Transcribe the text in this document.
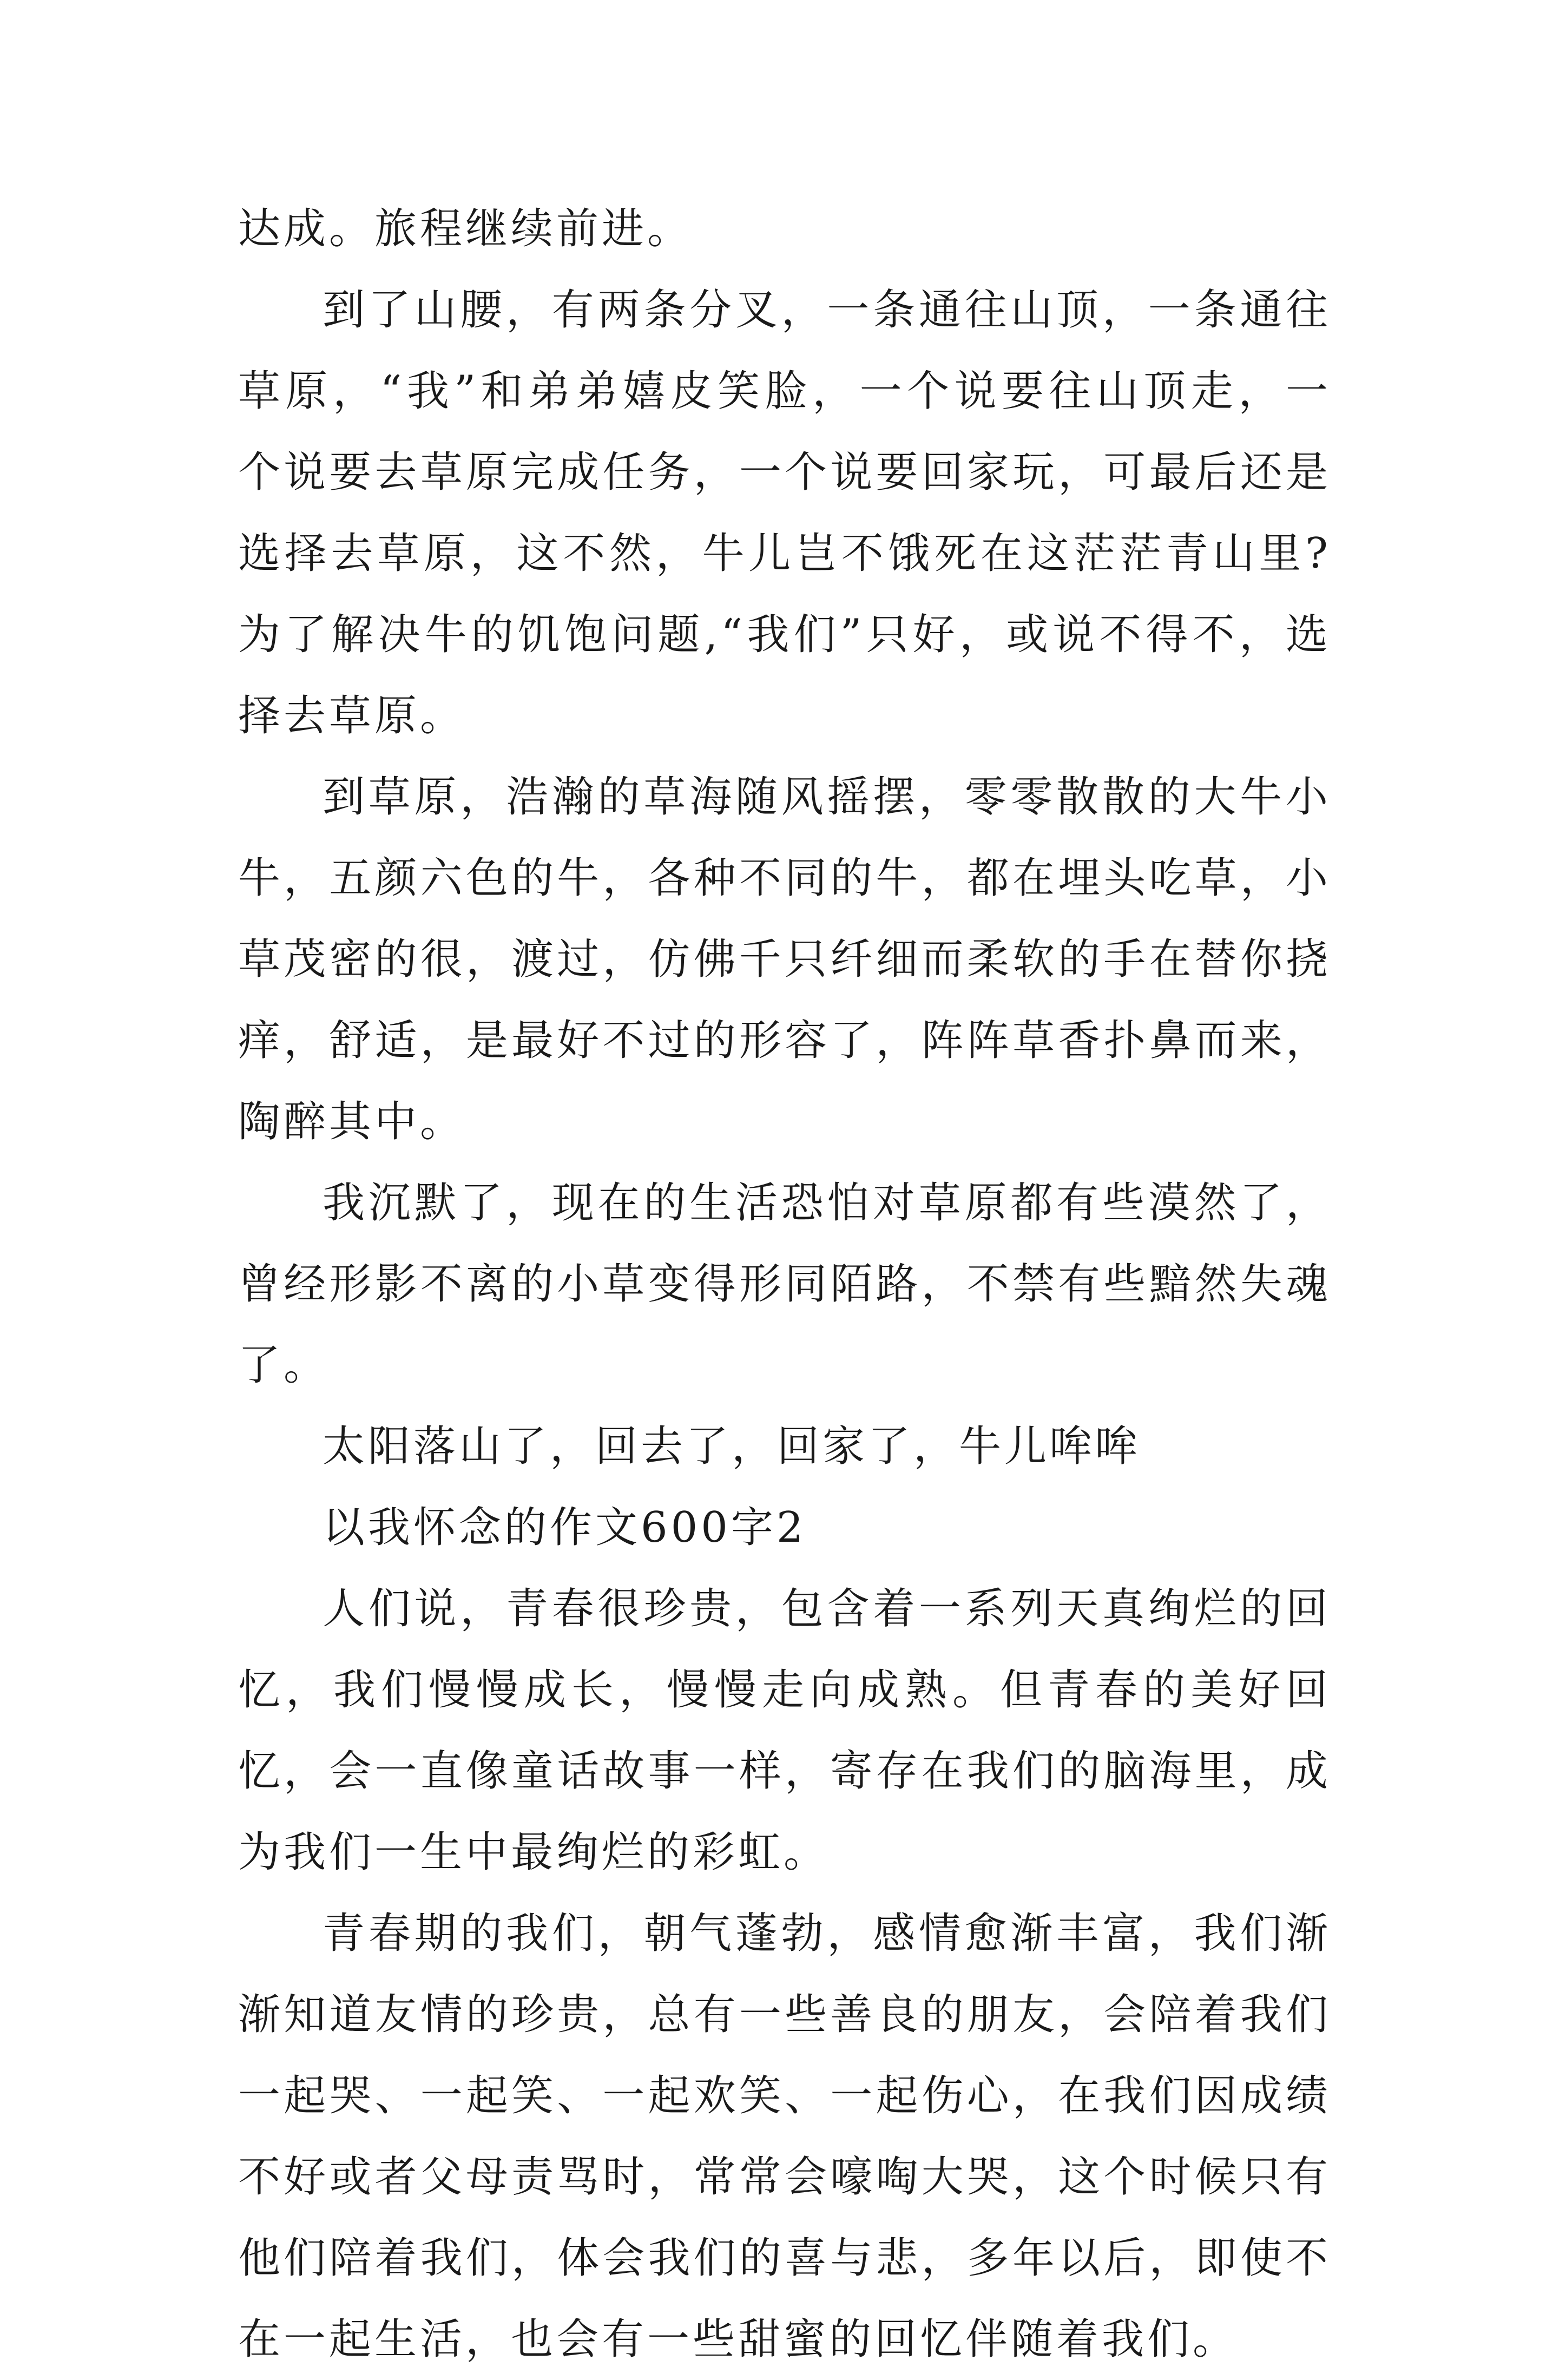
达成。旅程继续前进。

到了山腰，有两条分叉，一条通往山顶，一条通往草原，“我”和弟弟嬉皮笑脸，一个说要往山顶走，一个说要去草原完成任务，一个说要回家玩，可最后还是选择去草原，这不然，牛儿岂不饿死在这茫茫青山里?为了解决牛的饥饱问题,“我们”只好，或说不得不，选择去草原。

到草原，浩瀚的草海随风摇摆，零零散散的大牛小牛，五颜六色的牛，各种不同的牛，都在埋头吃草，小草茂密的很，渡过，仿佛千只纤细而柔软的手在替你挠痒，舒适，是最好不过的形容了，阵阵草香扑鼻而来，陶醉其中。

我沉默了，现在的生活恐怕对草原都有些漠然了，曾经形影不离的小草变得形同陌路，不禁有些黯然失魂了。

太阳落山了，回去了，回家了，牛儿哞哞

以我怀念的作文600字2

人们说，青春很珍贵，包含着一系列天真绚烂的回忆，我们慢慢成长，慢慢走向成熟。但青春的美好回忆，会一直像童话故事一样，寄存在我们的脑海里，成为我们一生中最绚烂的彩虹。

青春期的我们，朝气蓬勃，感情愈渐丰富，我们渐渐知道友情的珍贵，总有一些善良的朋友，会陪着我们一起哭、一起笑、一起欢笑、一起伤心，在我们因成绩不好或者父母责骂时，常常会嚎啕大哭，这个时候只有他们陪着我们，体会我们的喜与悲，多年以后，即使不在一起生活，也会有一些甜蜜的回忆伴随着我们。
